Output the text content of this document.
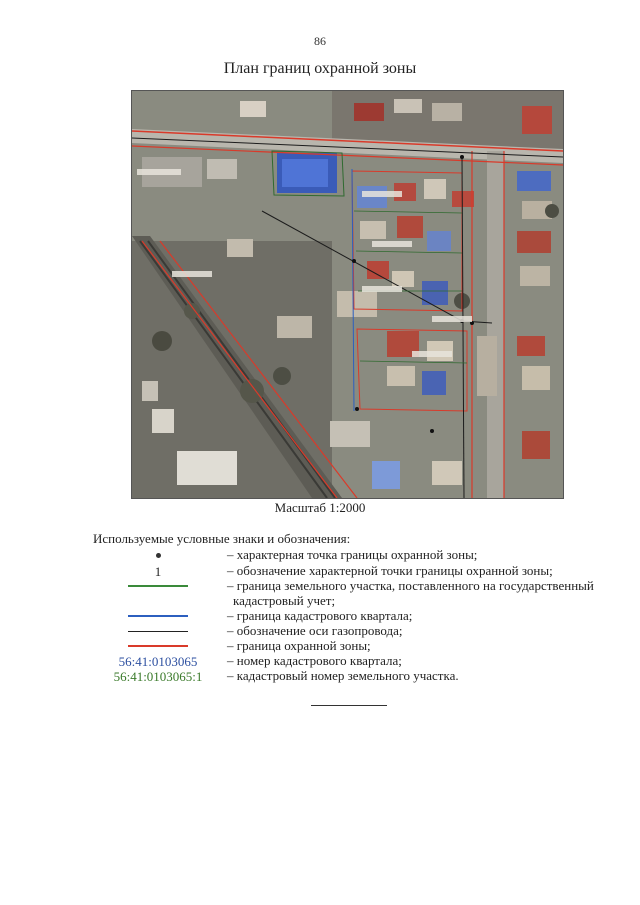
86
План границ охранной зоны
Масштаб 1:2000
Используемые условные знаки и обозначения:
– характерная точка границы охранной зоны;
1	– обозначение характерной точки границы охранной зоны;
– граница земельного участка, поставленного на государственный
кадастровый учет;
– граница кадастрового квартала;
– обозначение оси газопровода;
– граница охранной зоны;
56:41:0103065	– номер кадастрового квартала;
56:41:0103065:1	– кадастровый номер земельного участка.
